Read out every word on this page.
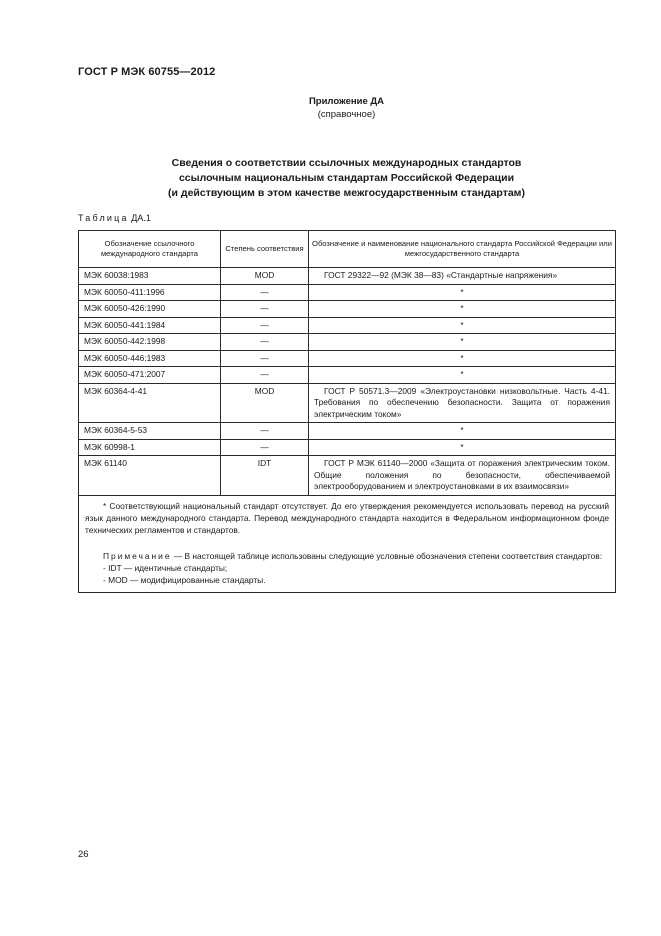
ГОСТ Р МЭК 60755—2012
Приложение ДА
(справочное)
Сведения о соответствии ссылочных международных стандартов
ссылочным национальным стандартам Российской Федерации
(и действующим в этом качестве межгосударственным стандартам)
Таблица ДА.1
Обозначение ссылочного международного стандарта	Степень соответствия	Обозначение и наименование национального стандарта Российской Федерации или межгосударственного стандарта
МЭК 60038:1983	MOD	ГОСТ 29322—92 (МЭК 38—83) «Стандартные напряжения»
МЭК 60050-411:1996	—	*
МЭК 60050-426:1990	—	*
МЭК 60050-441:1984	—	*
МЭК 60050-442:1998	—	*
МЭК 60050-446:1983	—	*
МЭК 60050-471:2007	—	*
МЭК 60364-4-41	MOD	ГОСТ Р 50571.3—2009 «Электроустановки низковольтные. Часть 4-41. Требования по обеспечению безопасности. Защита от поражения электрическим током»
МЭК 60364-5-53	—	*
МЭК 60998-1	—	*
МЭК 61140	IDT	ГОСТ Р МЭК 61140—2000 «Защита от поражения электрическим током. Общие положения по безопасности, обеспечиваемой электрооборудованием и электроустановками в их взаимосвязи»

* Соответствующий национальный стандарт отсутствует. До его утверждения рекомендуется использовать перевод на русский язык данного международного стандарта. Перевод международного стандарта находится в Федеральном информационном фонде технических регламентов и стандартов.

Примечание — В настоящей таблице использованы следующие условные обозначения степени соответствия стандартов:

- IDT — идентичные стандарты;

- MOD — модифицированные стандарты.		

26
